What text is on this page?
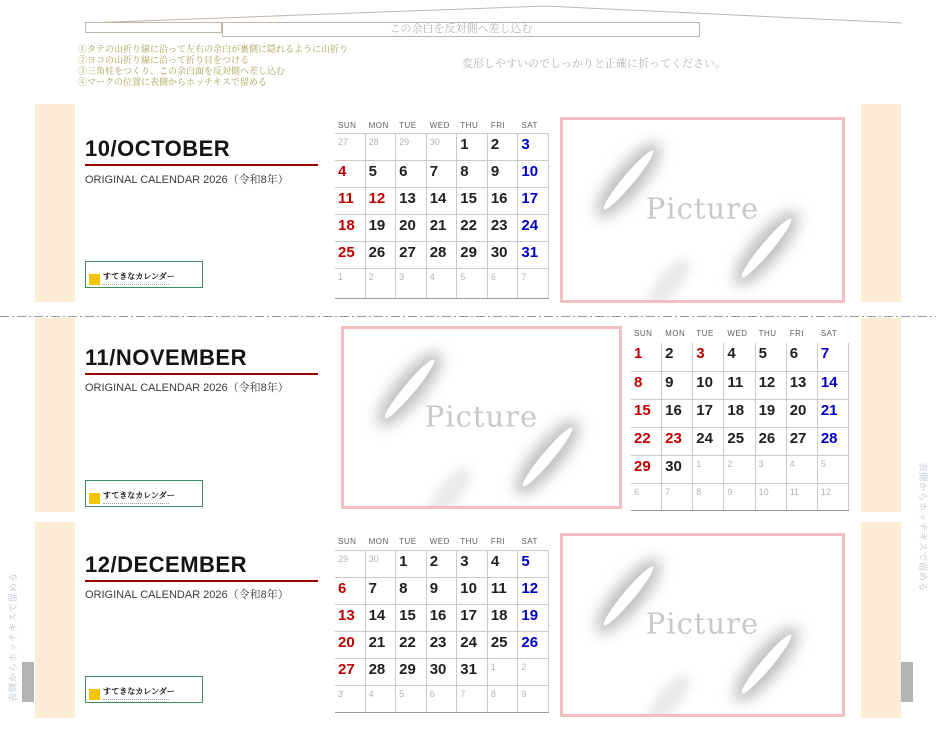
この余白を反対側へ差し込む
①タテの山折り線に沿って左右の余白が裏側に隠れるように山折り
②ヨコの山折り線に沿って折り目をつける
③三角柱をつくり、この余白面を反対側へ差し込む
④マークの位置に表側からホッチキスで留める
変形しやすいのでしっかりと正確に折ってください。
表側からホッチキスで留める
表側からホッチキスで留める
10/OCTOBER
ORIGINAL CALENDAR 2026（令和8年）
すてきなカレンダー
SUN	MON	TUE	WED	THU	FRI	SAT
27	28	29	30	1	2	3
4	5	6	7	8	9	10
11 12 13 14 15 16 17
18 19 20 21 22 23 24
25 26 27 28 29 30 31
1	2	3	4	5	6	7
Picture
11/NOVEMBER
ORIGINAL CALENDAR 2026（令和8年）
すてきなカレンダー
Picture
SUN	MON	TUE	WED	THU	FRI	SAT
1	2	3	4	5	6	7
8	9	10 11	12 13 14
15 16 17 18 19 20 21
22 23 24 25 26 27 28
29 30	1	2	3	4	5
6	7	8	9	10	11	12
12/DECEMBER
ORIGINAL CALENDAR 2026（令和8年）
すてきなカレンダー
SUN	MON	TUE	WED	THU	FRI	SAT
29	30	1	2	3	4	5
6	7	8	9	10 11 12
13 14 15 16 17 18 19
20 21 22 23 24 25 26
27 28 29 30 31	1	2
3	4	5	6	7	8	9
Picture
